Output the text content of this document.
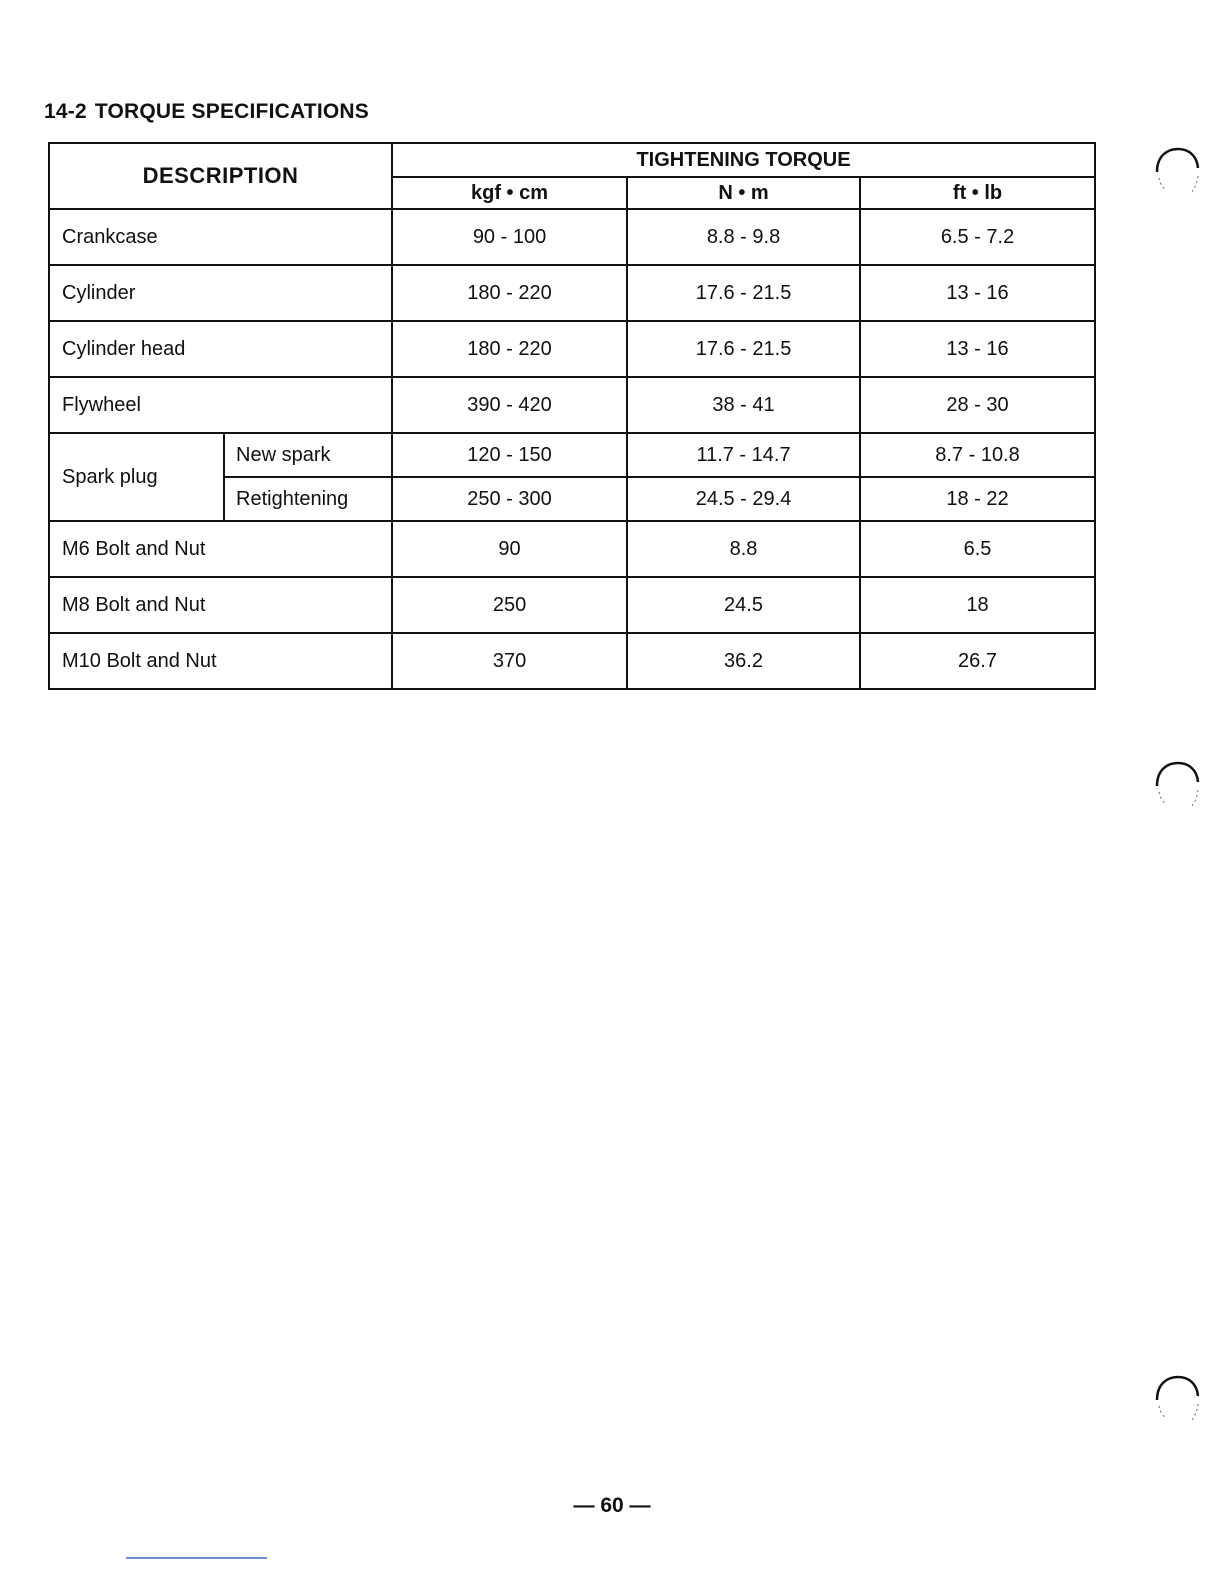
14-2 TORQUE SPECIFICATIONS
DESCRIPTION		TIGHTENING TORQUE		
		kgf • cm	N • m	ft • lb
Crankcase		90 - 100	8.8 - 9.8	6.5 - 7.2
Cylinder		180 - 220	17.6 - 21.5	13 - 16
Cylinder head		180 - 220	17.6 - 21.5	13 - 16
Flywheel		390 - 420	38 - 41	28 - 30
Spark plug	New spark	120 - 150	11.7 - 14.7	8.7 - 10.8
	Retightening	250 - 300	24.5 - 29.4	18 - 22
M6 Bolt and Nut		90	8.8	6.5
M8 Bolt and Nut		250	24.5	18
M10 Bolt and Nut		370	36.2	26.7
— 60 —
